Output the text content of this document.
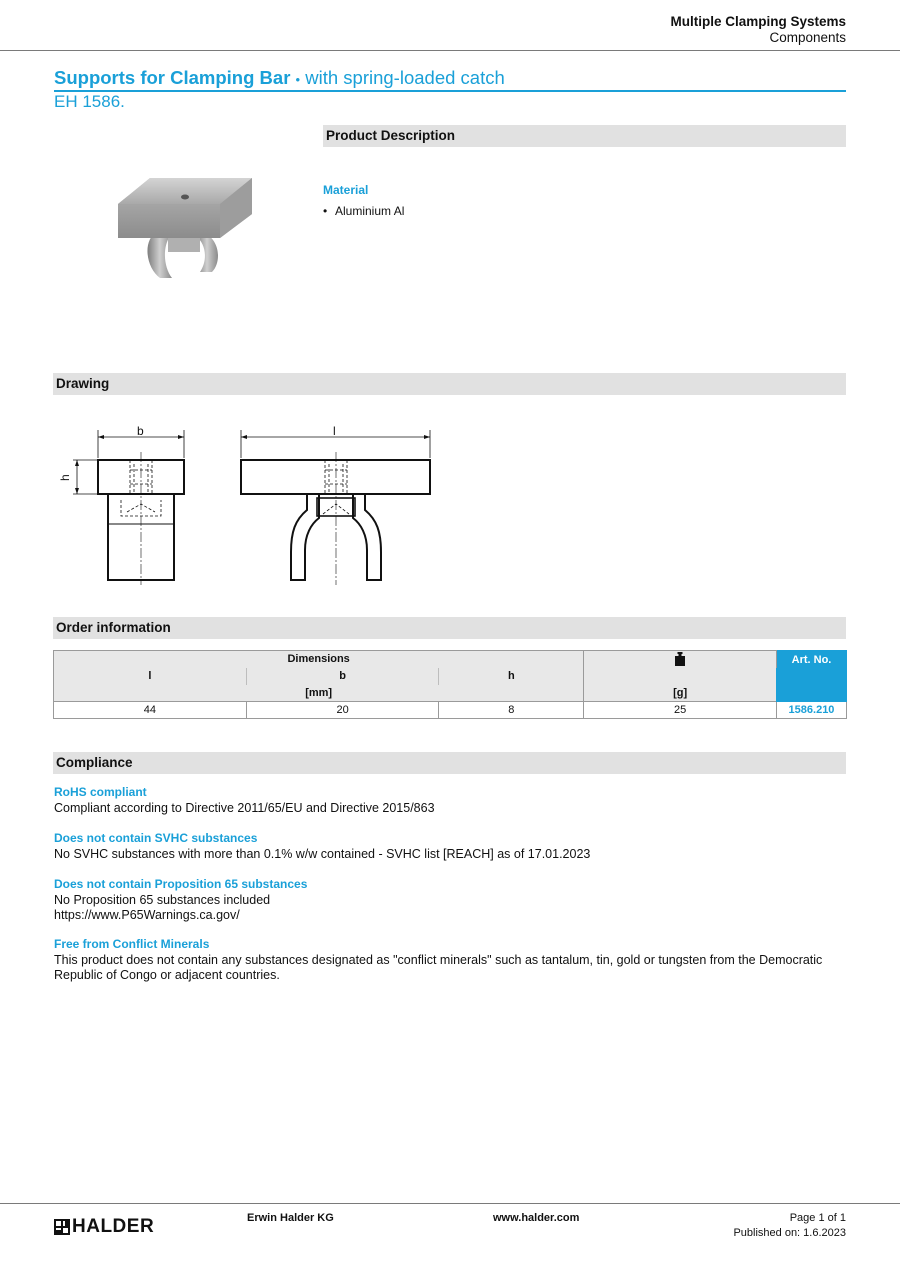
Multiple Clamping Systems
Components
Supports for Clamping Bar • with spring-loaded catch
EH 1586.
Product Description
Material
• Aluminium Al
Drawing
b	l
h
Order information
Dimensions				Art. No.
l	b	h		
[mm]			[g]	
44	20	8	25	1586.210
Compliance
RoHS compliant
Compliant according to Directive 2011/65/EU and Directive 2015/863
Does not contain SVHC substances
No SVHC substances with more than 0.1% w/w contained - SVHC list [REACH] as of 17.01.2023
Does not contain Proposition 65 substances
No Proposition 65 substances included
https://www.P65Warnings.ca.gov/
Free from Conflict Minerals
This product does not contain any substances designated as "conflict minerals" such as tantalum, tin, gold or tungsten from the Democratic Republic of Congo or adjacent countries.
HALDER	Erwin Halder KG	www.halder.com	Page 1 of 1
Published on: 1.6.2023
